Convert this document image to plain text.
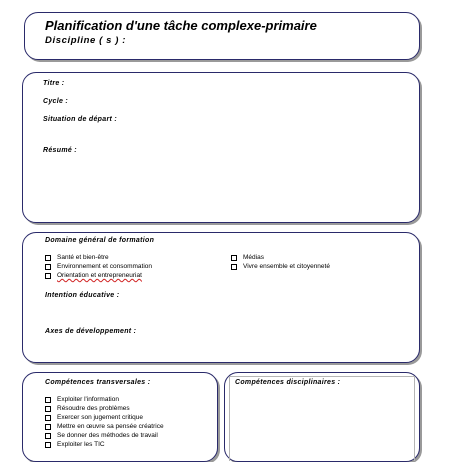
Planification d'une tâche complexe-primaire
Discipline ( s ) :
Titre :
Cycle :
Situation de départ :
Résumé :
Domaine général de formation
Santé et bien-être
Environnement et consommation
Orientation et entrepreneuriat
Médias
Vivre ensemble et citoyenneté
Intention éducative :
Axes de développement :
Compétences transversales :
Exploiter l'information
Résoudre des problèmes
Exercer son jugement critique
Mettre en œuvre sa pensée créatrice
Se donner des méthodes de travail
Exploiter les TIC
Compétences disciplinaires :
